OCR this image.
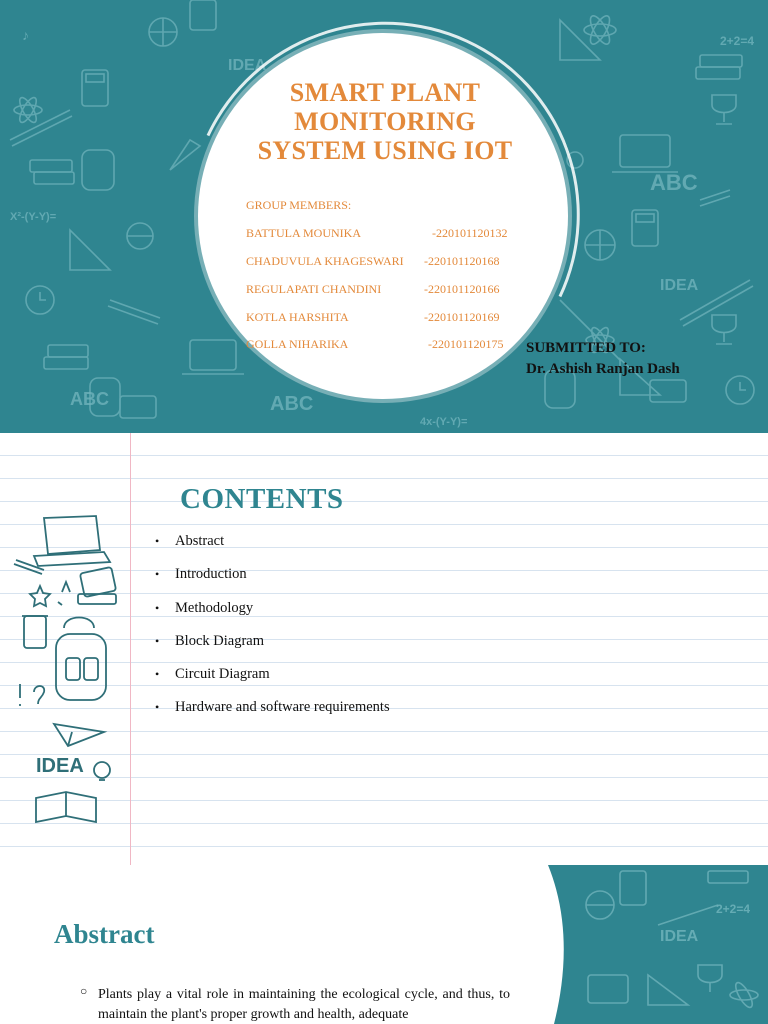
IDEA
IDEA
ABC
ABC
ABC
2+2=4
X²-(Y-Y)=
4x-(Y-Y)=
♪
SMART PLANT MONITORING SYSTEM USING IOT
GROUP MEMBERS:
BATTULA MOUNIKA	-220101120132
CHADUVULA KHAGESWARI -220101120168
REGULAPATI CHANDINI	-220101120166
KOTLA HARSHITA	-220101120169
GOLLA NIHARIKA	-220101120175 SUBMITTED TO:
Dr. Ashish Ranjan Dash
IDEA
CONTENTS
• Abstract
• Introduction
• Methodology
• Block Diagram
• Circuit Diagram
• Hardware and software requirements
IDEA
2+2=4
Abstract
○ Plants play a vital role in maintaining the ecological cycle, and thus, to maintain the plant's proper growth and health, adequate
